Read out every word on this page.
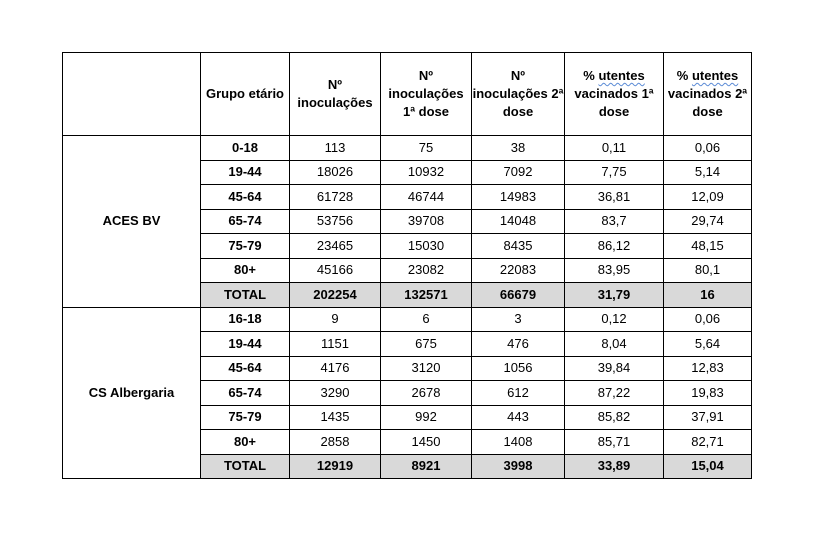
	Grupo etário	Nº inoculações	Nº inoculações 1ª dose	Nº inoculações 2ª dose	% utentes vacinados 1ª dose	% utentes vacinados 2ª dose
ACES BV	0-18	113	75	38	0,11	0,06
	19-44	18026	10932	7092	7,75	5,14
	45-64	61728	46744	14983	36,81	12,09
	65-74	53756	39708	14048	83,7	29,74
	75-79	23465	15030	8435	86,12	48,15
	80+	45166	23082	22083	83,95	80,1
	TOTAL	202254	132571	66679	31,79	16
CS Albergaria	16-18	9	6	3	0,12	0,06
	19-44	1151	675	476	8,04	5,64
	45-64	4176	3120	1056	39,84	12,83
	65-74	3290	2678	612	87,22	19,83
	75-79	1435	992	443	85,82	37,91
	80+	2858	1450	1408	85,71	82,71
	TOTAL	12919	8921	3998	33,89	15,04
